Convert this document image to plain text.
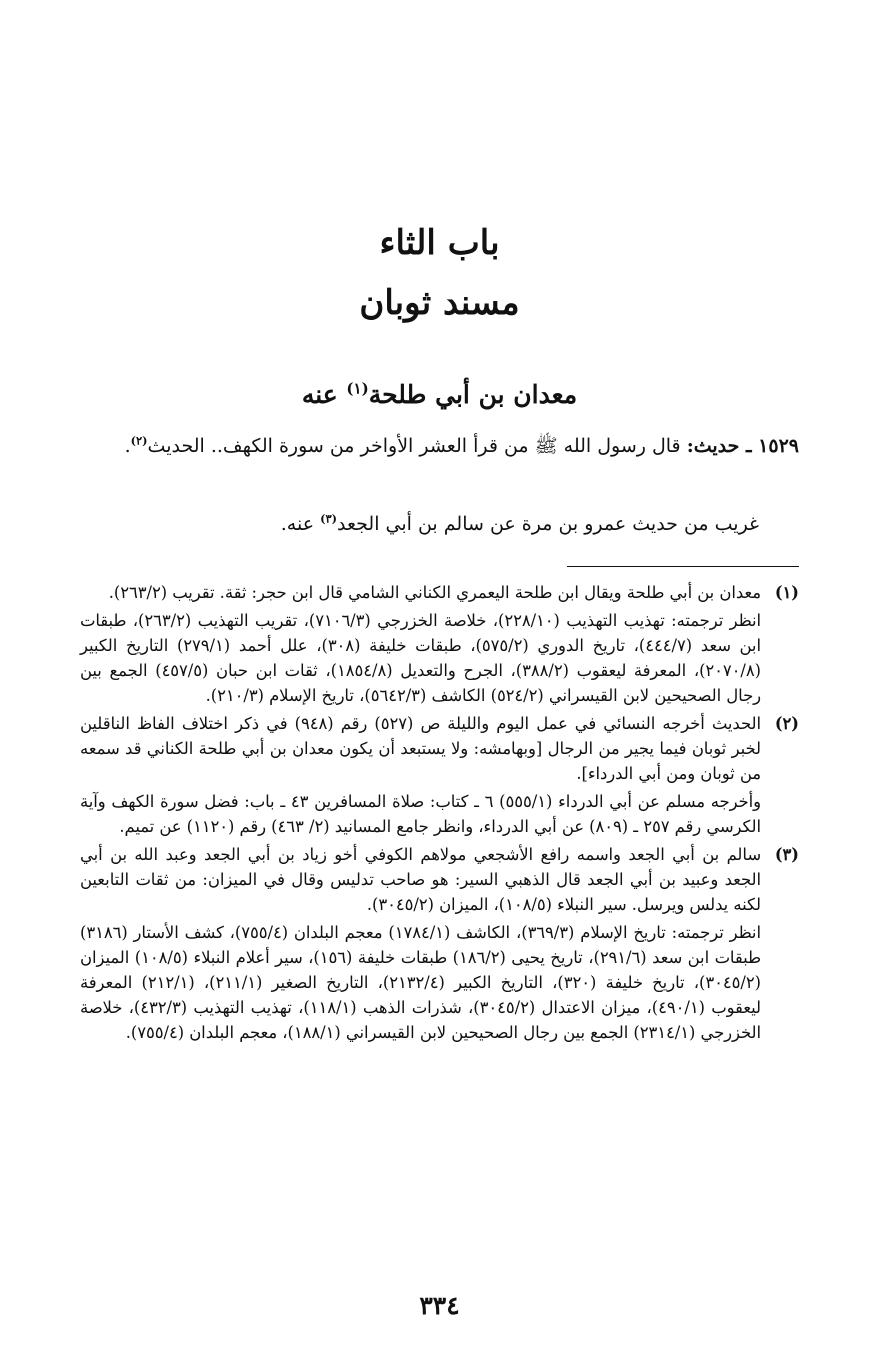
باب الثاء
مسند ثوبان
معدان بن أبي طلحة$^{(١)}$ عنه
١٥٢٩ ـ حديث: قال رسول الله ﷺ من قرأ العشر الأواخر من سورة الكهف.. الحديث$^{(٢)}$.
غريب من حديث عمرو بن مرة عن سالم بن أبي الجعد$^{(٣)}$ عنه.
(١)

معدان بن أبي طلحة ويقال ابن طلحة اليعمري الكناني الشامي قال ابن حجر: ثقة. تقريب (٢٦٣/٢).

انظر ترجمته: تهذيب التهذيب (٢٢٨/١٠)، خلاصة الخزرجي (٧١٠٦/٣)، تقريب التهذيب (٢٦٣/٢)، طبقات ابن سعد (٤٤٤/٧)، تاريخ الدوري (٥٧٥/٢)، طبقات خليفة (٣٠٨)، علل أحمد (٢٧٩/١) التاريخ الكبير (٢٠٧٠/٨)، المعرفة ليعقوب (٣٨٨/٢)، الجرح والتعديل (١٨٥٤/٨)، ثقات ابن حبان (٤٥٧/٥) الجمع بين رجال الصحيحين لابن القيسراني (٥٢٤/٢) الكاشف (٥٦٤٢/٣)، تاريخ الإسلام (٢١٠/٣).

(٢)

الحديث أخرجه النسائي في عمل اليوم والليلة ص (٥٢٧) رقم (٩٤٨) في ذكر اختلاف الفاظ الناقلين لخبر ثوبان فيما يجير من الرجال [وبهامشه: ولا يستبعد أن يكون معدان بن أبي طلحة الكناني قد سمعه من ثوبان ومن أبي الدرداء].

وأخرجه مسلم عن أبي الدرداء (٥٥٥/١) ٦ ـ كتاب: صلاة المسافرين ٤٣ ـ باب: فضل سورة الكهف وآية الكرسي رقم ٢٥٧ ـ (٨٠٩) عن أبي الدرداء، وانظر جامع المسانيد (٢/ ٤٦٣) رقم (١١٢٠) عن تميم.

(٣)

سالم بن أبي الجعد واسمه رافع الأشجعي مولاهم الكوفي أخو زياد بن أبي الجعد وعبد الله بن أبي الجعد وعبيد بن أبي الجعد قال الذهبي السير: هو صاحب تدليس وقال في الميزان: من ثقات التابعين لكنه يدلس ويرسل. سير النبلاء (١٠٨/٥)، الميزان (٣٠٤٥/٢).

انظر ترجمته: تاريخ الإسلام (٣٦٩/٣)، الكاشف (١٧٨٤/١) معجم البلدان (٧٥٥/٤)، كشف الأستار (٣١٨٦) طبقات ابن سعد (٢٩١/٦)، تاريخ يحيى (١٨٦/٢) طبقات خليفة (١٥٦)، سير أعلام النبلاء (١٠٨/٥) الميزان (٣٠٤٥/٢)، تاريخ خليفة (٣٢٠)، التاريخ الكبير (٢١٣٢/٤)، التاريخ الصغير (٢١١/١)، (٢١٢/١) المعرفة ليعقوب (٤٩٠/١)، ميزان الاعتدال (٣٠٤٥/٢)، شذرات الذهب (١١٨/١)، تهذيب التهذيب (٤٣٢/٣)، خلاصة الخزرجي (٢٣١٤/١) الجمع بين رجال الصحيحين لابن القيسراني (١٨٨/١)، معجم البلدان (٧٥٥/٤).

٣٣٤
